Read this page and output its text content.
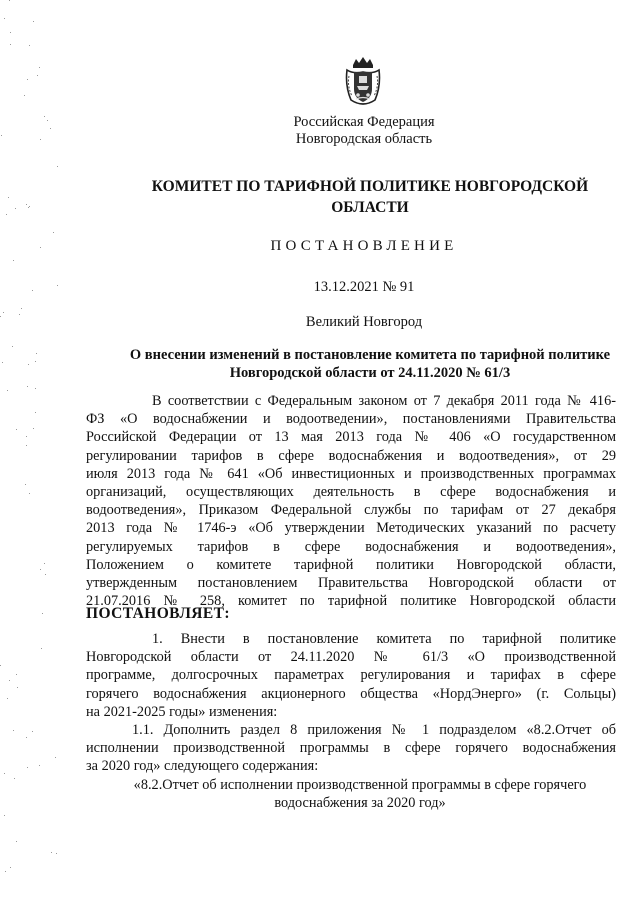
Российская Федерация
Новгородская область
КОМИТЕТ ПО ТАРИФНОЙ ПОЛИТИКЕ НОВГОРОДСКОЙ
ОБЛАСТИ
ПОСТАНОВЛЕНИЕ
13.12.2021 № 91
Великий Новгород
О внесении изменений в постановление комитета по тарифной политике
Новгородской области от 24.11.2020 № 61/3
В соответствии с Федеральным законом от 7 декабря 2011 года № 416-
ФЗ «О водоснабжении и водоотведении», постановлениями Правительства
Российской Федерации от 13 мая 2013 года № 406 «О государственном
регулировании тарифов в сфере водоснабжения и водоотведения», от 29
июля 2013 года № 641 «Об инвестиционных и производственных программах
организаций, осуществляющих деятельность в сфере водоснабжения и
водоотведения», Приказом Федеральной службы по тарифам от 27 декабря
2013 года № 1746-э «Об утверждении Методических указаний по расчету
регулируемых тарифов в сфере водоснабжения и водоотведения»,
Положением о комитете тарифной политики Новгородской области,
утвержденным постановлением Правительства Новгородской области от
21.07.2016 № 258, комитет по тарифной политике Новгородской области
ПОСТАНОВЛЯЕТ:
1. Внести в постановление комитета по тарифной политике
Новгородской области от 24.11.2020 № 61/3 «О производственной
программе, долгосрочных параметрах регулирования и тарифах в сфере
горячего водоснабжения акционерного общества «НордЭнерго» (г. Сольцы)
на 2021-2025 годы» изменения:
1.1. Дополнить раздел 8 приложения № 1 подразделом «8.2.Отчет об
исполнении производственной программы в сфере горячего водоснабжения
за 2020 год» следующего содержания:
«8.2.Отчет об исполнении производственной программы в сфере горячего
водоснабжения за 2020 год»
